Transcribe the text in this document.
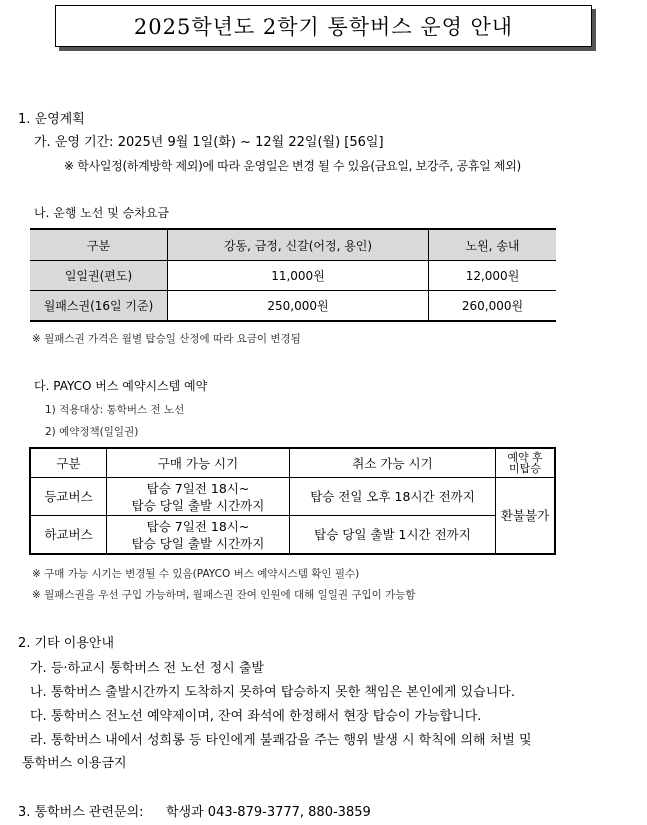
2025학년도 2학기 통학버스 운영 안내
1. 운영계획
가. 운영 기간: 2025년 9월 1일(화) ~ 12월 22일(월) [56일]
※ 학사일정(하계방학 제외)에 따라 운영일은 변경 될 수 있음(금요일, 보강주, 공휴일 제외)
나. 운행 노선 및 승차요금
구분	강동, 금정, 신갈(어정, 용인)	노원, 송내
일일권(편도)	11,000원	12,000원
월패스권(16일 기준)	250,000원	260,000원
※ 월패스권 가격은 월별 탑승일 산정에 따라 요금이 변경됨
다. PAYCO 버스 예약시스템 예약
1) 적용대상: 통학버스 전 노선
2) 예약정책(일일권)
구분	구매 가능 시기	취소 가능 시기	예약 후
미탑승
등교버스	탑승 7일전 18시~
탑승 당일 출발 시간까지	탑승 전일 오후 18시간 전까지	환불불가
하교버스	탑승 7일전 18시~
탑승 당일 출발 시간까지	탑승 당일 출발 1시간 전까지	
※ 구매 가능 시기는 변경될 수 있음(PAYCO 버스 예약시스템 확인 필수)
※ 월패스권을 우선 구입 가능하며, 월패스권 잔여 인원에 대해 일일권 구입이 가능함
2. 기타 이용안내
가. 등·하교시 통학버스 전 노선 정시 출발
나. 통학버스 출발시간까지 도착하지 못하여 탑승하지 못한 책임은 본인에게 있습니다.
다. 통학버스 전노선 예약제이며, 잔여 좌석에 한정해서 현장 탑승이 가능합니다.
라. 통학버스 내에서 성희롱 등 타인에게 불쾌감을 주는 행위 발생 시 학칙에 의해 처벌 및
통학버스 이용금지
3. 통학버스 관련문의: 학생과 043-879-3777, 880-3859
